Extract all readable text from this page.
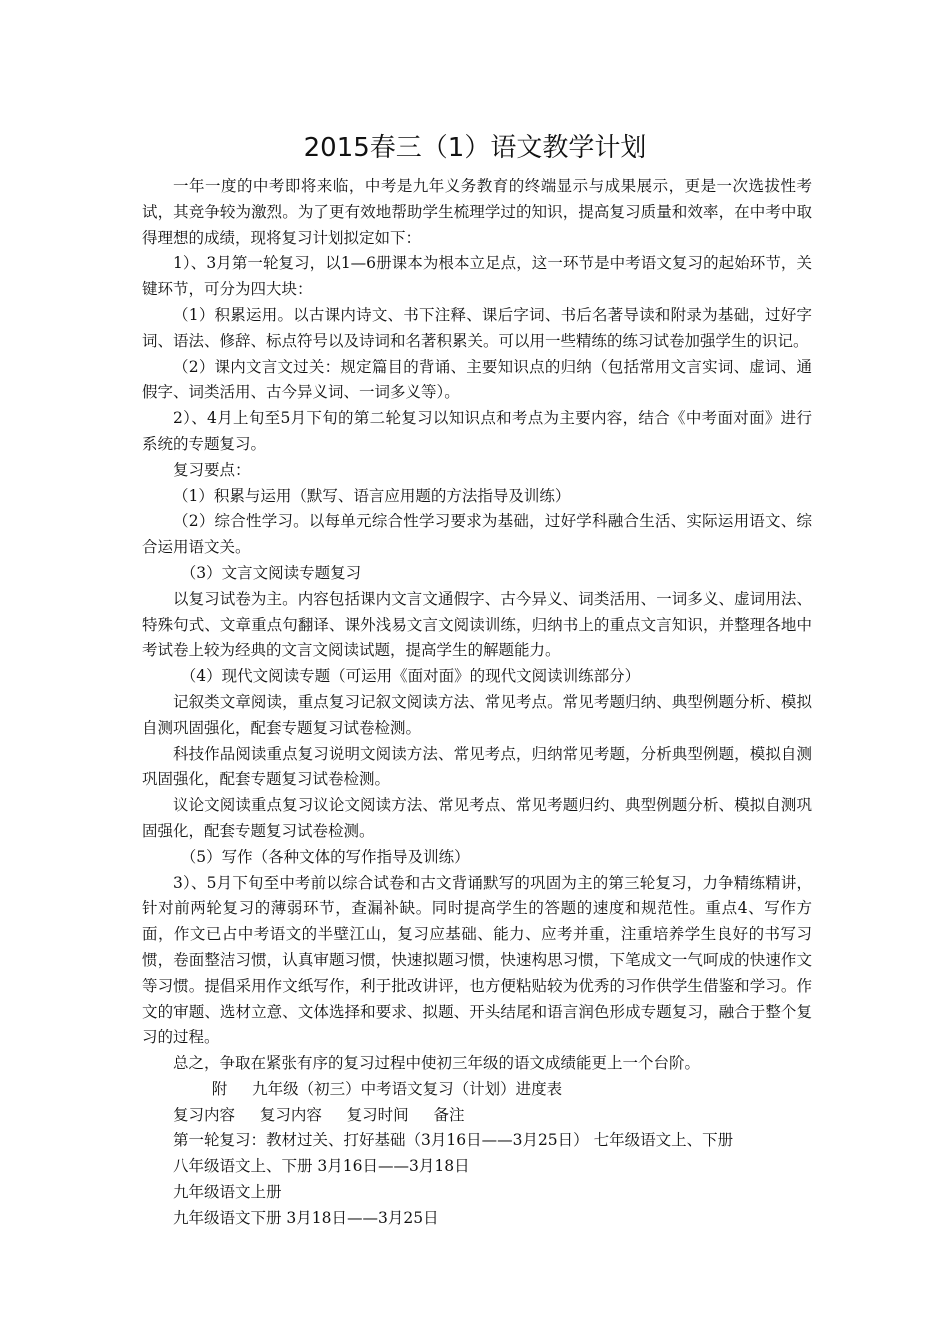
2015春三（1）语文教学计划

一年一度的中考即将来临，中考是九年义务教育的终端显示与成果展示，更是一次选拔性考试，其竞争较为激烈。为了更有效地帮助学生梳理学过的知识，提高复习质量和效率，在中考中取得理想的成绩，现将复习计划拟定如下：

1）、3月第一轮复习，以1—6册课本为根本立足点，这一环节是中考语文复习的起始环节，关键环节，可分为四大块：

（1）积累运用。以古课内诗文、书下注释、课后字词、书后名著导读和附录为基础，过好字词、语法、修辞、标点符号以及诗词和名著积累关。可以用一些精练的练习试卷加强学生的识记。

（2）课内文言文过关：规定篇目的背诵、主要知识点的归纳（包括常用文言实词、虚词、通假字、词类活用、古今异义词、一词多义等）。

2）、4月上旬至5月下旬的第二轮复习以知识点和考点为主要内容，结合《中考面对面》进行系统的专题复习。

复习要点：

（1）积累与运用（默写、语言应用题的方法指导及训练）

（2）综合性学习。以每单元综合性学习要求为基础，过好学科融合生活、实际运用语文、综合运用语文关。

（3）文言文阅读专题复习

以复习试卷为主。内容包括课内文言文通假字、古今异义、词类活用、一词多义、虚词用法、特殊句式、文章重点句翻译、课外浅易文言文阅读训练，归纳书上的重点文言知识，并整理各地中考试卷上较为经典的文言文阅读试题，提高学生的解题能力。

（4）现代文阅读专题（可运用《面对面》的现代文阅读训练部分）

记叙类文章阅读，重点复习记叙文阅读方法、常见考点。常见考题归纳、典型例题分析、模拟自测巩固强化，配套专题复习试卷检测。

科技作品阅读重点复习说明文阅读方法、常见考点，归纳常见考题，分析典型例题，模拟自测巩固强化，配套专题复习试卷检测。

议论文阅读重点复习议论文阅读方法、常见考点、常见考题归约、典型例题分析、模拟自测巩固强化，配套专题复习试卷检测。

（5）写作（各种文体的写作指导及训练）

3）、5月下旬至中考前以综合试卷和古文背诵默写的巩固为主的第三轮复习，力争精练精讲，针对前两轮复习的薄弱环节，查漏补缺。同时提高学生的答题的速度和规范性。重点4、写作方面，作文已占中考语文的半壁江山，复习应基础、能力、应考并重，注重培养学生良好的书写习惯，卷面整洁习惯，认真审题习惯，快速拟题习惯，快速构思习惯，下笔成文一气呵成的快速作文等习惯。提倡采用作文纸写作，利于批改讲评，也方便粘贴较为优秀的习作供学生借鉴和学习。作文的审题、选材立意、文体选择和要求、拟题、开头结尾和语言润色形成专题复习，融合于整个复习的过程。

总之，争取在紧张有序的复习过程中使初三年级的语文成绩能更上一个台阶。

附 九年级（初三）中考语文复习（计划）进度表

复习内容 复习内容 复习时间 备注

第一轮复习：教材过关、打好基础（3月16日——3月25日） 七年级语文上、下册

八年级语文上、下册 3月16日——3月18日

九年级语文上册

九年级语文下册 3月18日——3月25日
